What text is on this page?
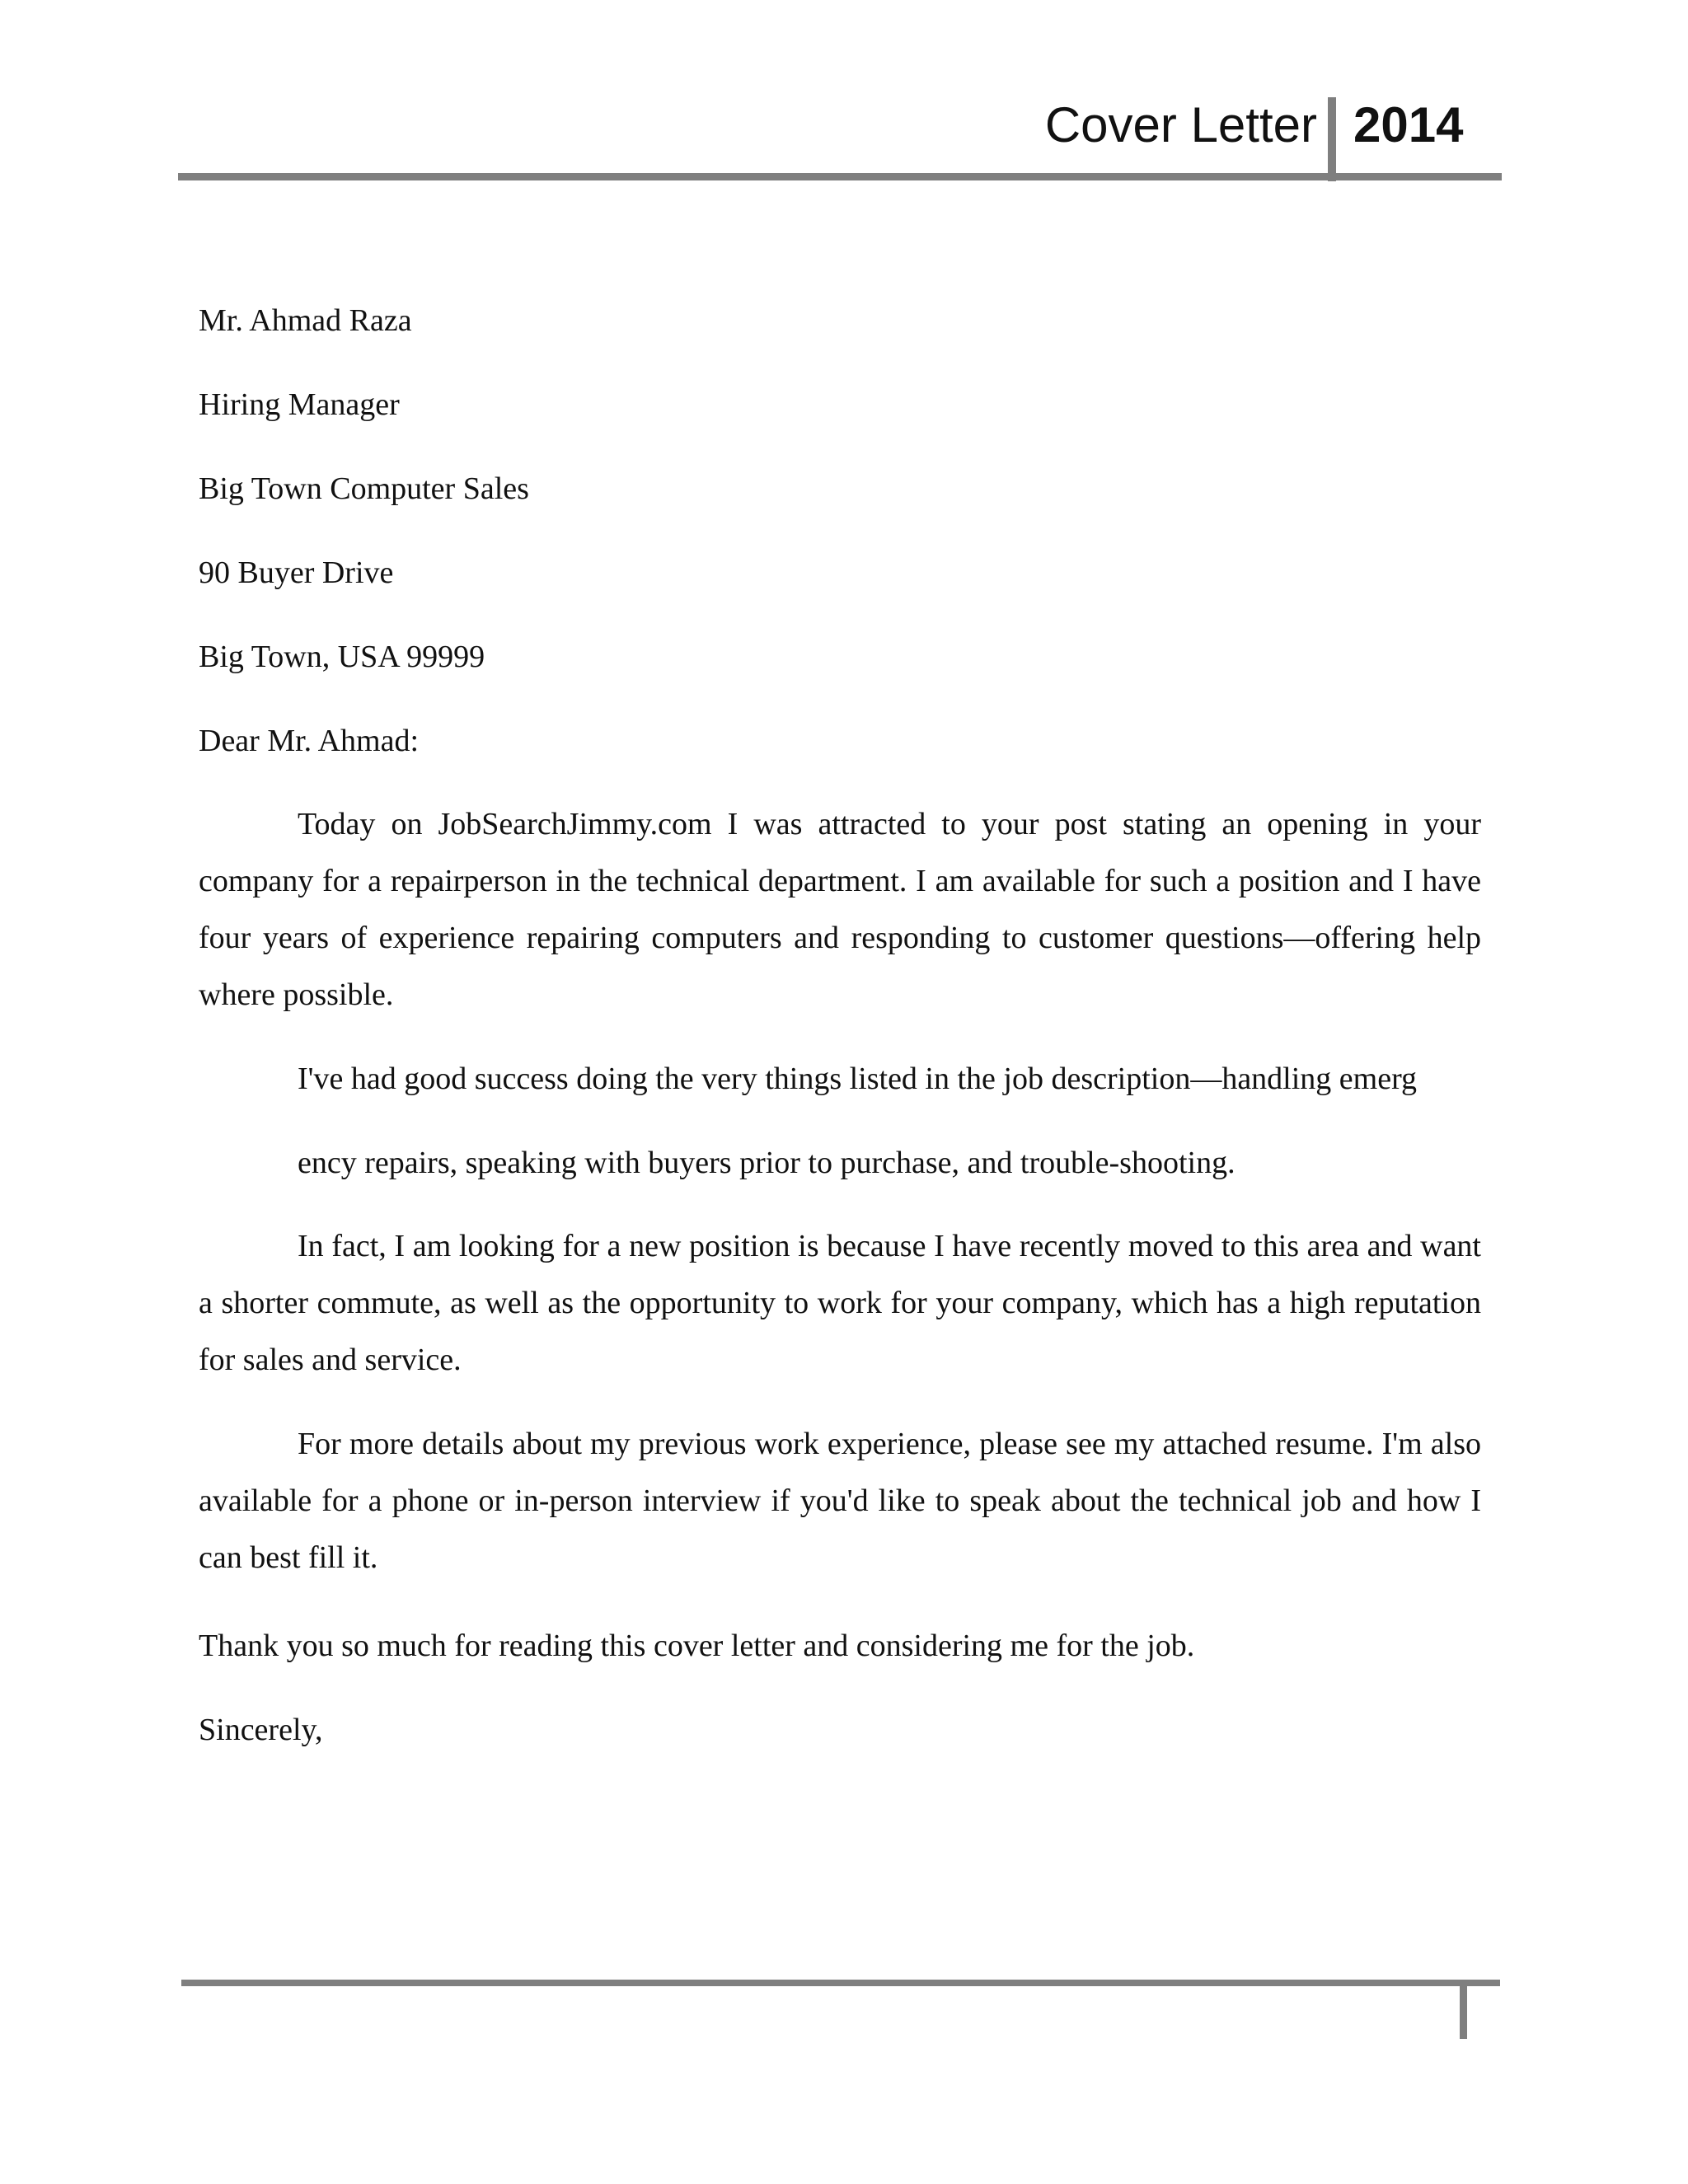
Cover Letter 2014
Mr. Ahmad Raza
Hiring Manager
Big Town Computer Sales
90 Buyer Drive
Big Town, USA 99999
Dear Mr. Ahmad:
Today on JobSearchJimmy.com I was attracted to your post stating an opening in your company for a repairperson in the technical department. I am available for such a position and I have four years of experience repairing computers and responding to customer questions—offering help where possible.
I've had good success doing the very things listed in the job description—handling emerg
ency repairs, speaking with buyers prior to purchase, and trouble-shooting.
In fact, I am looking for a new position is because I have recently moved to this area and want a shorter commute, as well as the opportunity to work for your company, which has a high reputation for sales and service.
For more details about my previous work experience, please see my attached resume. I'm also available for a phone or in-person interview if you'd like to speak about the technical job and how I can best fill it.
Thank you so much for reading this cover letter and considering me for the job.
Sincerely,
